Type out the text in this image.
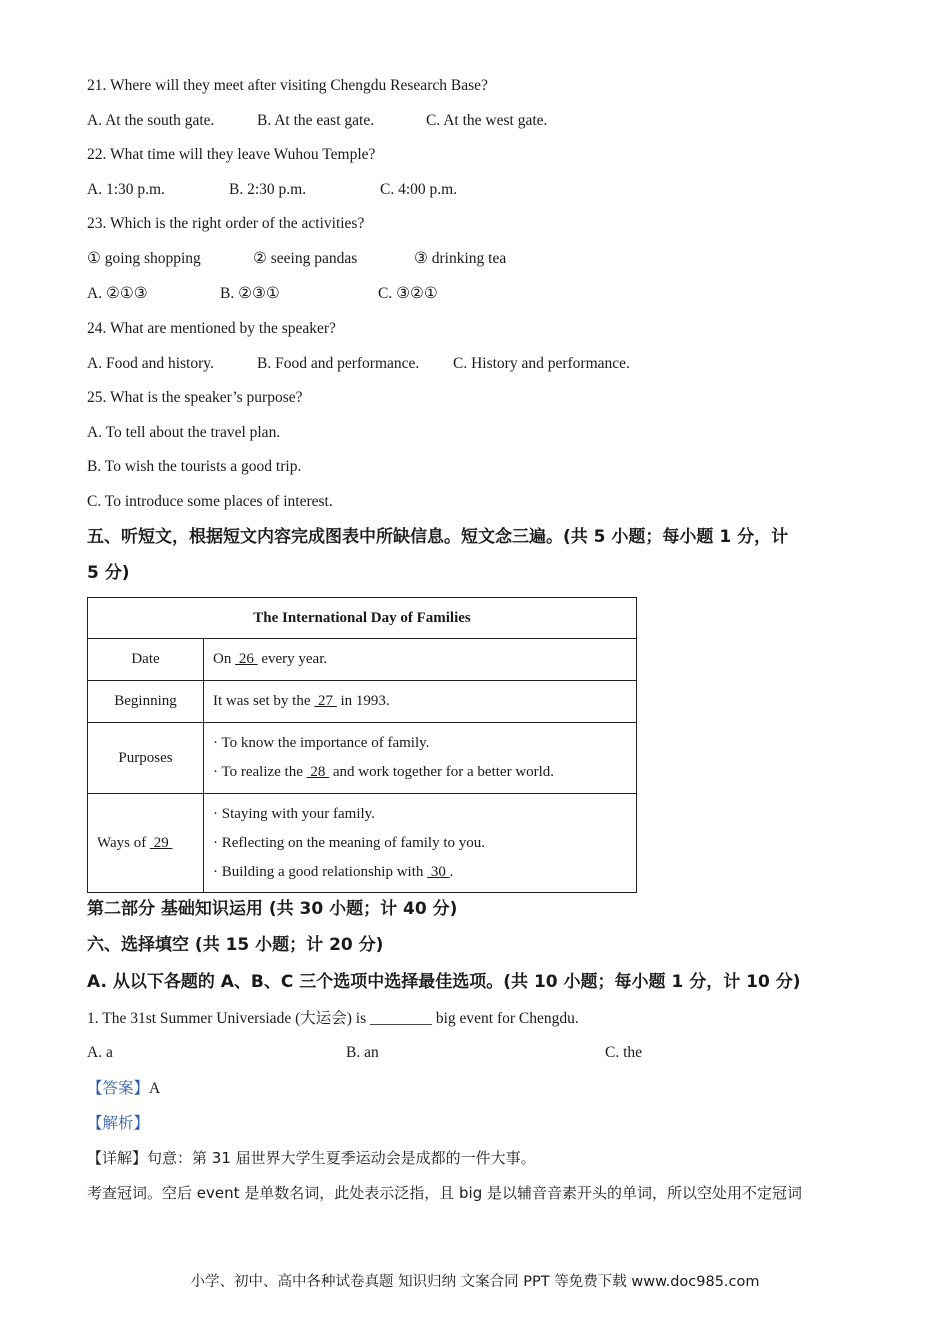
21. Where will they meet after visiting Chengdu Research Base?
A. At the south gate.	B. At the east gate.	C. At the west gate.
22. What time will they leave Wuhou Temple?
A. 1:30 p.m.	B. 2:30 p.m.	C. 4:00 p.m.
23. Which is the right order of the activities?
① going shopping	② seeing pandas	③ drinking tea
A. ②①③	B. ②③①	C. ③②①
24. What are mentioned by the speaker?
A. Food and history.	B. Food and performance. C. History and performance.
25. What is the speaker’s purpose?
A. To tell about the travel plan.
B. To wish the tourists a good trip.
C. To introduce some places of interest.
五、听短文，根据短文内容完成图表中所缺信息。短文念三遍。(共 5 小题；每小题 1 分，计
5 分)
The International Day of Families	
Date	On  26  every year.
Beginning	It was set by the  27  in 1993.
Purposes	· To know the importance of family.
· To realize the  28  and work together for a better world.

Ways of  29	· Staying with your family.
· Reflecting on the meaning of family to you.
· Building a good relationship with  30 .
第二部分 基础知识运用 (共 30 小题；计 40 分)
六、选择填空 (共 15 小题；计 20 分)
A. 从以下各题的 A、B、C 三个选项中选择最佳选项。(共 10 小题；每小题 1 分，计 10 分)
1. The 31st Summer Universiade (大运会) is ________ big event for Chengdu.
A. a	B. an	C. the
【答案】A
【解析】
【详解】句意：第 31 届世界大学生夏季运动会是成都的一件大事。
考查冠词。空后 event 是单数名词，此处表示泛指，且 big 是以辅音音素开头的单词，所以空处用不定冠词
小学、初中、高中各种试卷真题 知识归纳 文案合同 PPT 等免费下载 www.doc985.com
